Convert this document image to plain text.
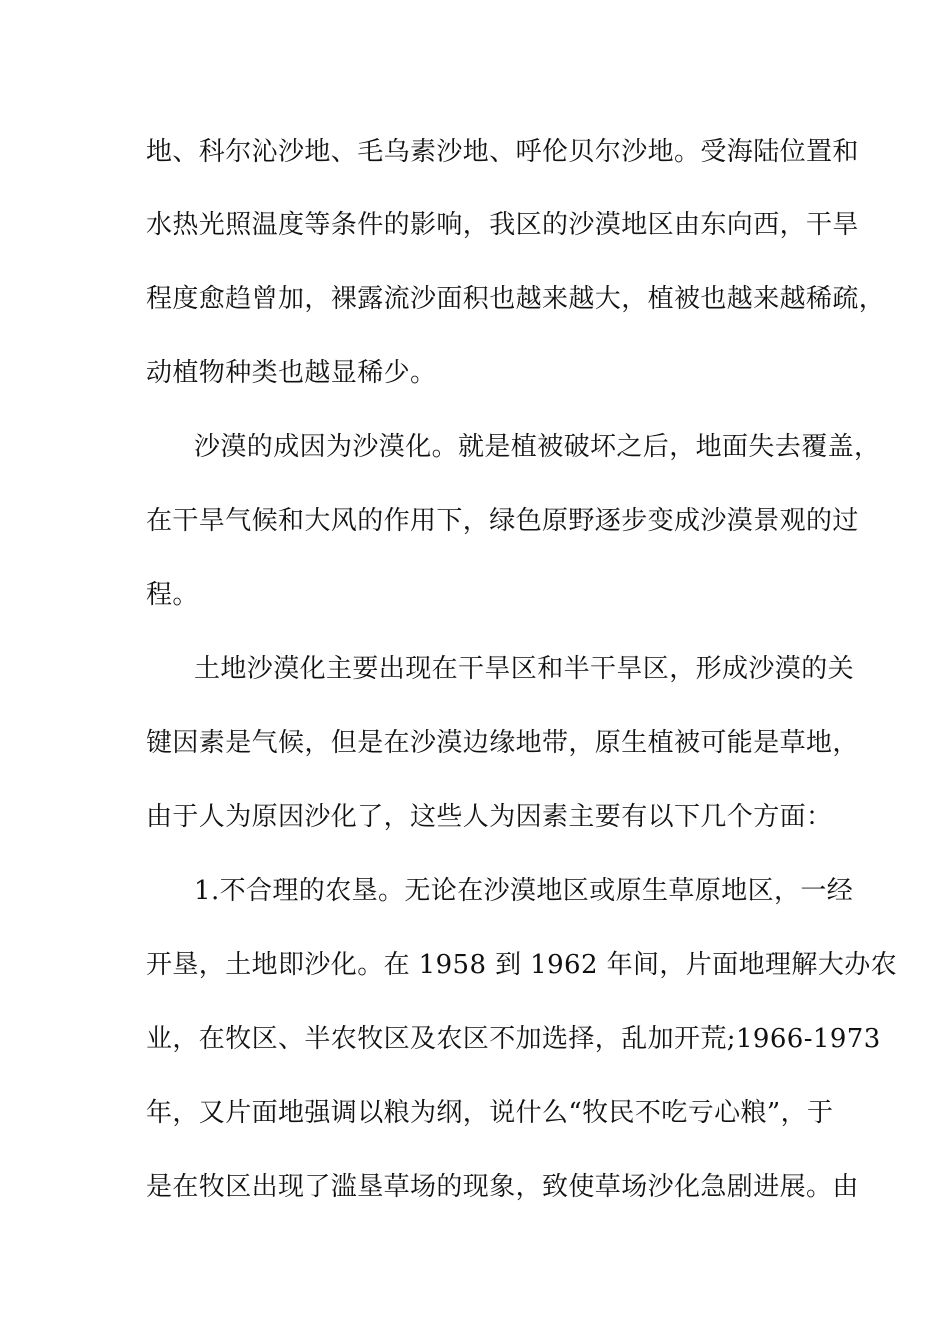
地、科尔沁沙地、毛乌素沙地、呼伦贝尔沙地。受海陆位置和
水热光照温度等条件的影响，我区的沙漠地区由东向西，干旱
程度愈趋曾加，裸露流沙面积也越来越大，植被也越来越稀疏，
动植物种类也越显稀少。
沙漠的成因为沙漠化。就是植被破坏之后，地面失去覆盖，
在干旱气候和大风的作用下，绿色原野逐步变成沙漠景观的过
程。
土地沙漠化主要出现在干旱区和半干旱区，形成沙漠的关
键因素是气候，但是在沙漠边缘地带，原生植被可能是草地，
由于人为原因沙化了，这些人为因素主要有以下几个方面：
1.不合理的农垦。无论在沙漠地区或原生草原地区，一经
开垦，土地即沙化。在 1958 到 1962 年间，片面地理解大办农
业，在牧区、半农牧区及农区不加选择，乱加开荒;1966-1973
年，又片面地强调以粮为纲，说什么“牧民不吃亏心粮”，于
是在牧区出现了滥垦草场的现象，致使草场沙化急剧进展。由
